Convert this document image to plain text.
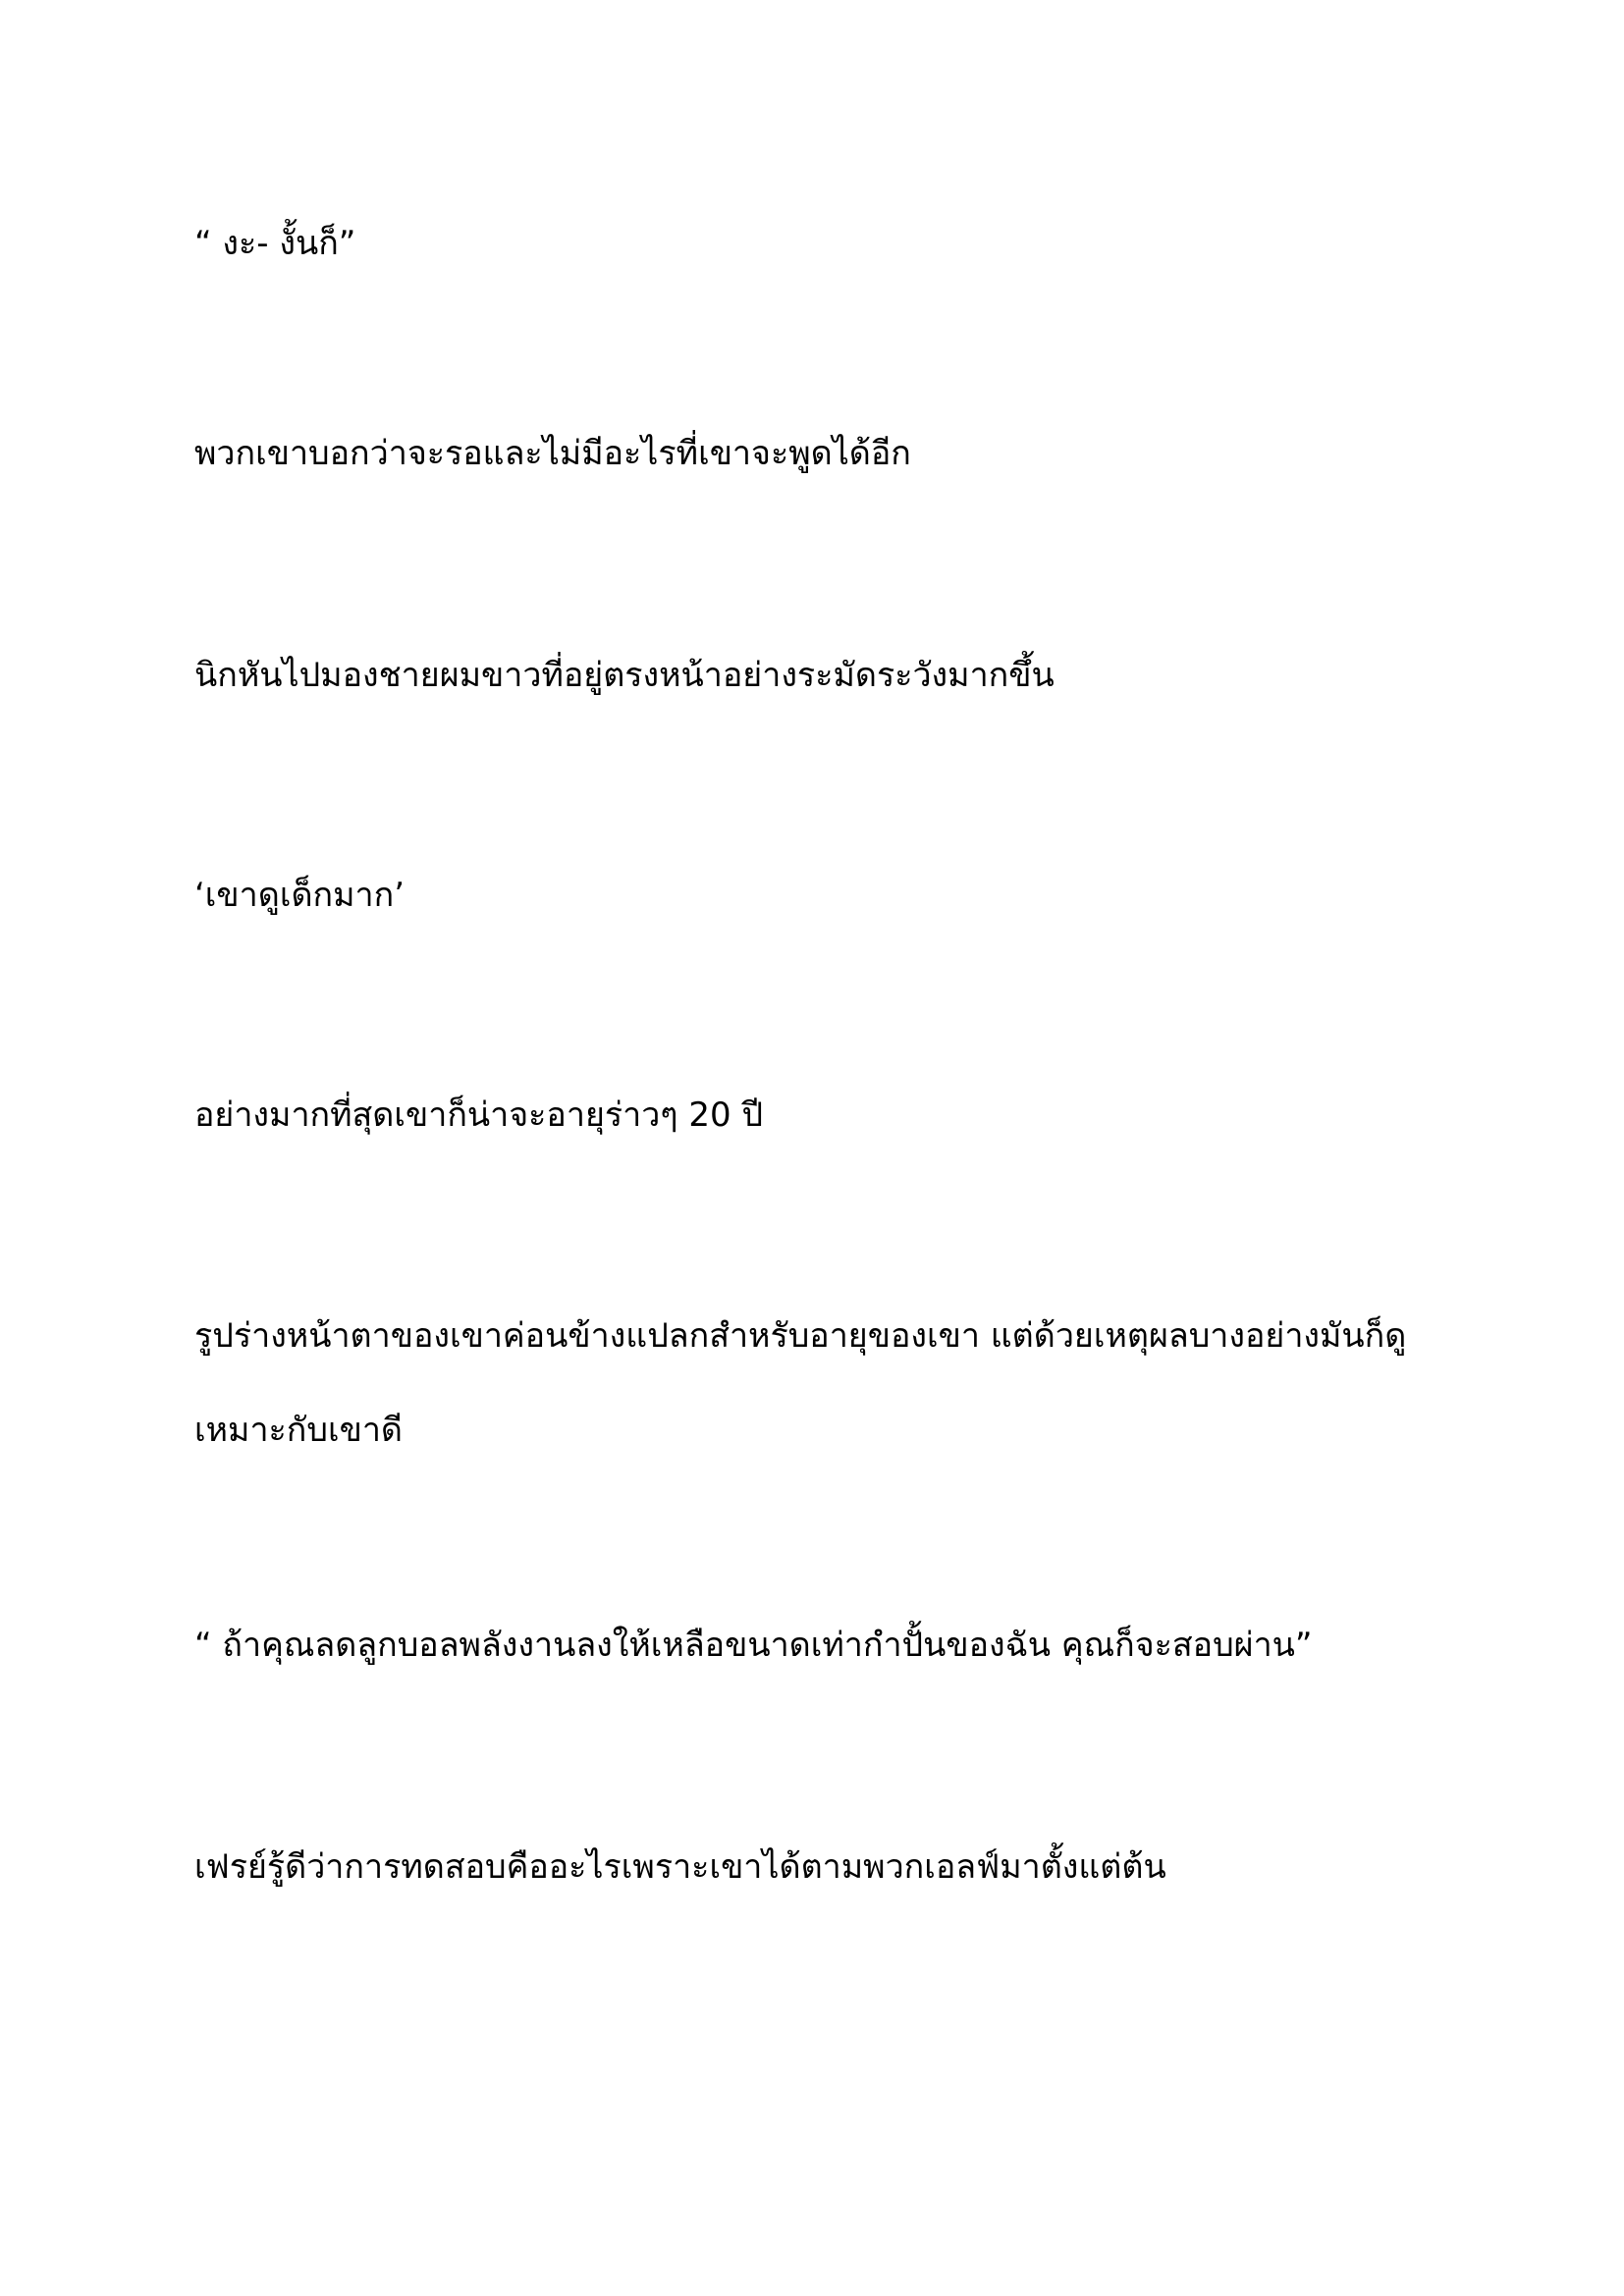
“ งะ- งั้นก็”

พวกเขาบอกว่าจะรอและไม่มีอะไรที่เขาจะพูดได้อีก

นิกหันไปมองชายผมขาวที่อยู่ตรงหน้าอย่างระมัดระวังมากขึ้น

‘เขาดูเด็กมาก’

อย่างมากที่สุดเขาก็น่าจะอายุร่าวๆ 20 ปี

รูปร่างหน้าตาของเขาค่อนข้างแปลกสำหรับอายุของเขา แต่ด้วยเหตุผลบางอย่างมันก็ดูเหมาะกับเขาดี

“ ถ้าคุณลดลูกบอลพลังงานลงให้เหลือขนาดเท่ากำปั้นของฉัน คุณก็จะสอบผ่าน”

เฟรย์รู้ดีว่าการทดสอบคืออะไรเพราะเขาได้ตามพวกเอลฟ์มาตั้งแต่ต้น
